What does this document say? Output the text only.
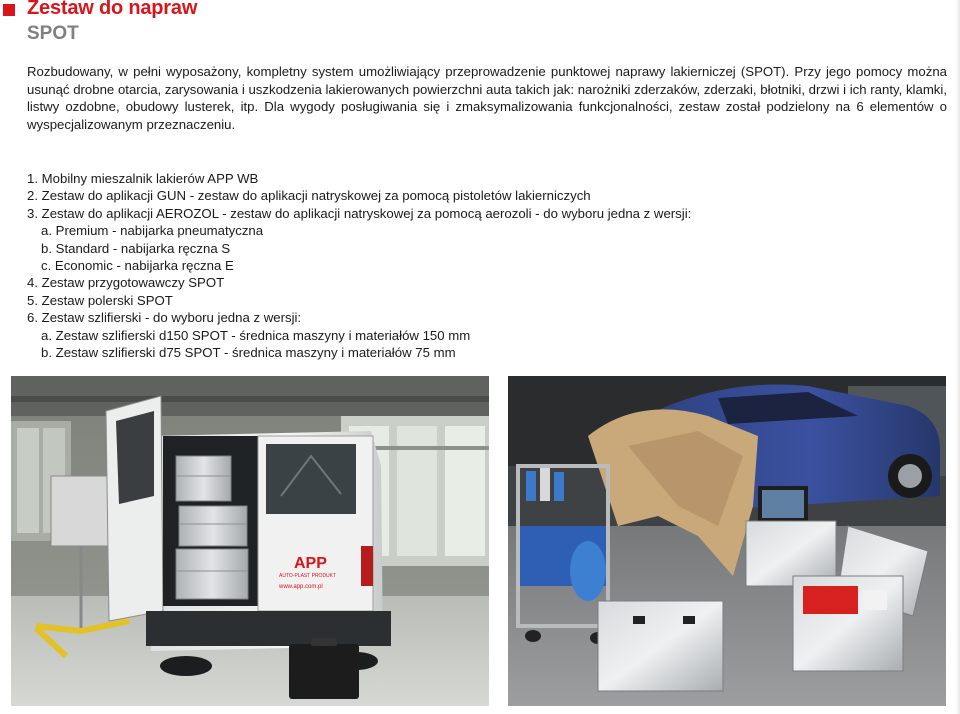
Zestaw do napraw
SPOT

Rozbudowany, w pełni wyposażony, kompletny system umożliwiający przeprowadzenie punktowej naprawy lakierniczej (SPOT). Przy jego pomocy można usunąć drobne otarcia, zarysowania i uszkodzenia lakierowanych powierzchni auta takich jak: narożniki zderzaków, zderzaki, błotniki, drzwi i ich ranty, klamki, listwy ozdobne, obudowy lusterek, itp. Dla wygody posługiwania się i zmaksymalizowania funkcjonalności, zestaw został podzielony na 6 elementów o wyspecjalizowanym przeznaczeniu.

1. Mobilny mieszalnik lakierów APP WB
2. Zestaw do aplikacji GUN - zestaw do aplikacji natryskowej za pomocą pistoletów lakierniczych
3. Zestaw do aplikacji AEROZOL - zestaw do aplikacji natryskowej za pomocą aerozoli - do wyboru jedna z wersji:
a. Premium - nabijarka pneumatyczna
b. Standard - nabijarka ręczna S
c. Economic - nabijarka ręczna E
4. Zestaw przygotowawczy SPOT
5. Zestaw polerski SPOT
6. Zestaw szlifierski - do wyboru jedna z wersji:
a. Zestaw szlifierski d150 SPOT - średnica maszyny i materiałów 150 mm
b. Zestaw szlifierski d75 SPOT - średnica maszyny i materiałów 75 mm
APP
AUTO-PLAST PRODUKT
www.app.com.pl
